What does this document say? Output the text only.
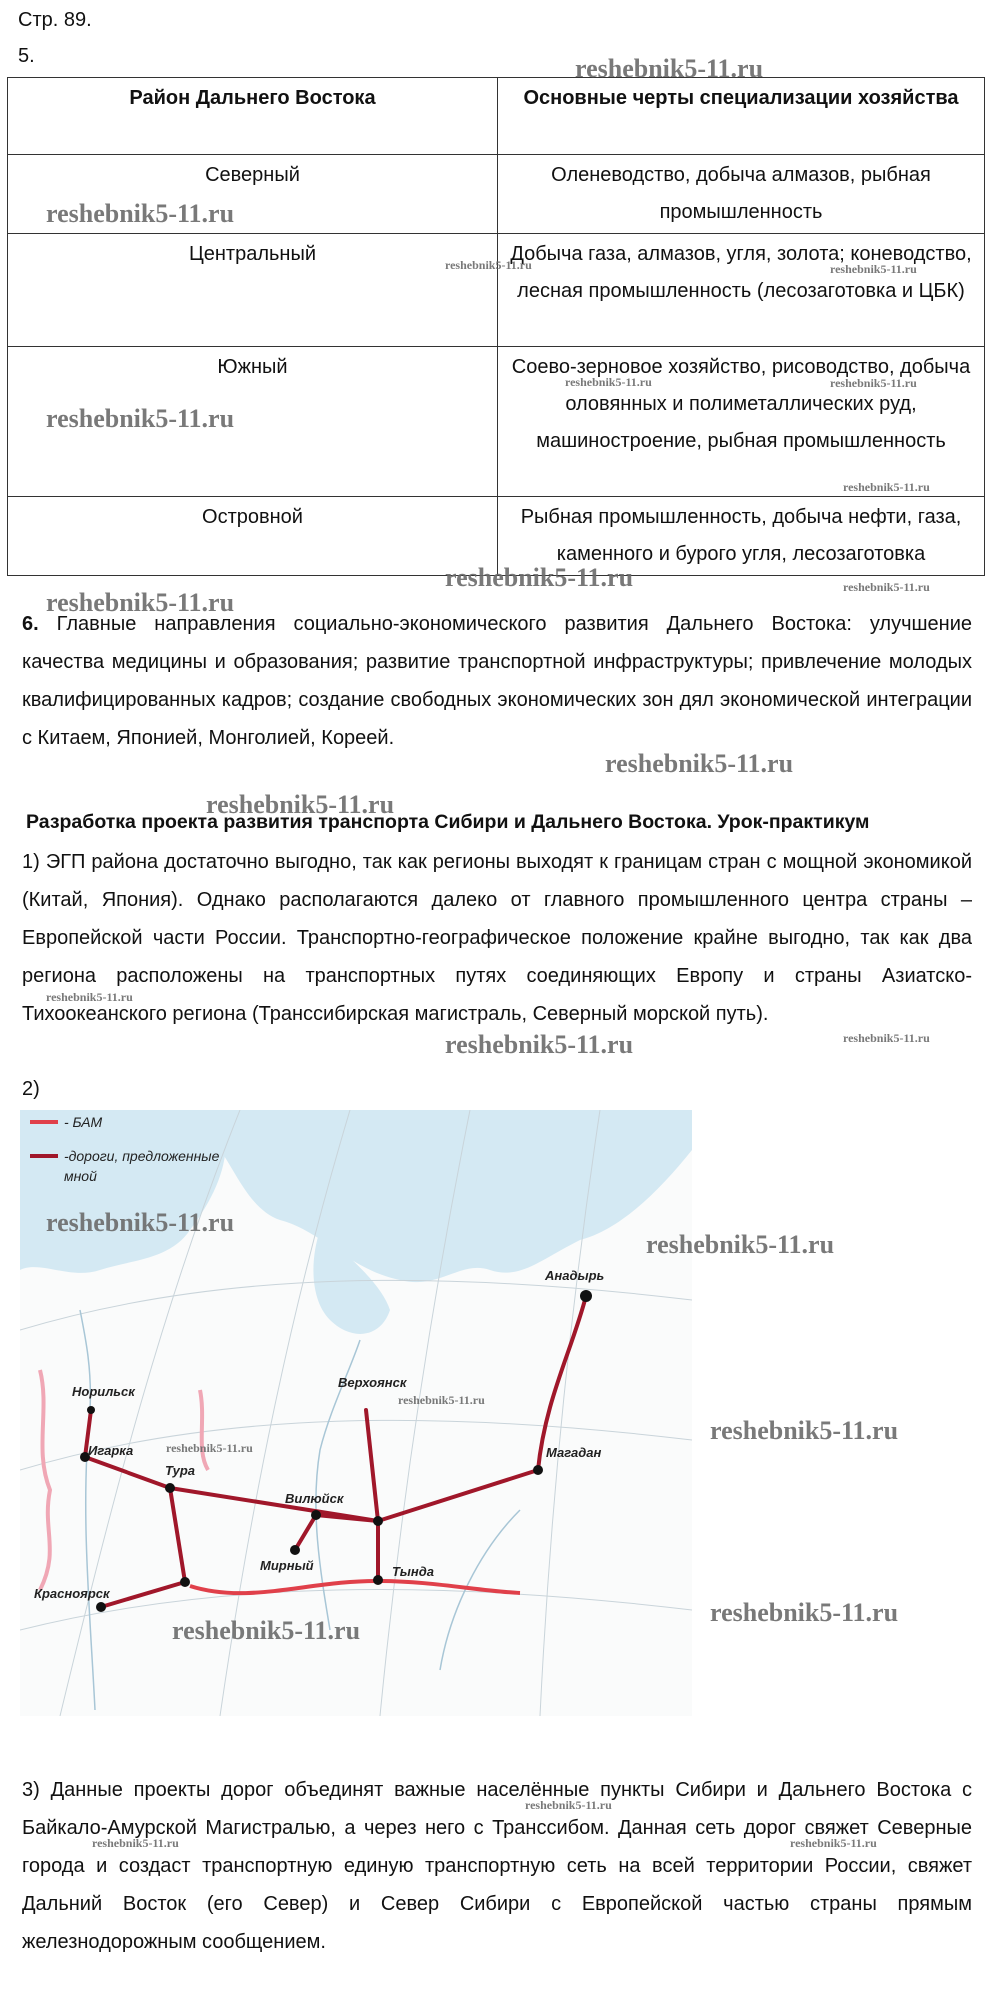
Стр. 89.
5.
Район Дальнего Востока	Основные черты специализации хозяйства
Северный	Оленеводство, добыча алмазов, рыбная промышленность
Центральный	Добыча газа, алмазов, угля, золота; коневодство, лесная промышленность (лесозаготовка и ЦБК)
Южный	Соево-зерновое хозяйство, рисоводство, добыча оловянных и полиметаллических руд, машиностроение, рыбная промышленность
Островной	Рыбная промышленность, добыча нефти, газа, каменного и бурого угля, лесозаготовка
6. Главные направления социально-экономического развития Дальнего Востока: улучшение качества медицины и образования; развитие транспортной инфраструктуры; привлечение молодых квалифицированных кадров; создание свободных экономических зон дял экономической интеграции с Китаем, Японией, Монголией, Кореей.
Разработка проекта развития транспорта Сибири и Дальнего Востока. Урок-практикум
1) ЭГП района достаточно выгодно, так как регионы выходят к границам стран с мощной экономикой (Китай, Япония). Однако располагаются далеко от главного промышленного центра страны – Европейской части России. Транспортно-географическое положение крайне выгодно, так как два региона расположены на транспортных путях соединяющих Европу и страны Азиатско-Тихоокеанского региона (Транссибирская магистраль, Северный морской путь).
2)
- БАМ
-дороги, предложенные
мной
Анадырь
Норильск
Верхоянск
Магадан
Игарка
Вилюйск
Тура
Мирный	Тында
Красноярск
3) Данные проекты дорог объединят важные населённые пункты Сибири и Дальнего Востока с Байкало-Амурской Магистралью, а через него с Транссибом. Данная сеть дорог свяжет Северные города и создаст транспортную единую транспортную сеть на всей территории России, свяжет Дальний Восток (его Север) и Север Сибири с Европейской частью страны прямым железнодорожным сообщением.
reshebnik5-11.ru
reshebnik5-11.ru
reshebnik5-11.ru	reshebnik5-11.ru
reshebnik5-11.ru	reshebnik5-11.ru
reshebnik5-11.ru
reshebnik5-11.ru
reshebnik5-11.ru	reshebnik5-11.ru
reshebnik5-11.ru
reshebnik5-11.ru
reshebnik5-11.ru
reshebnik5-11.ru
reshebnik5-11.ru	reshebnik5-11.ru
reshebnik5-11.ru
reshebnik5-11.ru
reshebnik5-11.ru
reshebnik5-11.ru
reshebnik5-11.ru
reshebnik5-11.ru
reshebnik5-11.ru
reshebnik5-11.ru
reshebnik5-11.ru	reshebnik5-11.ru
